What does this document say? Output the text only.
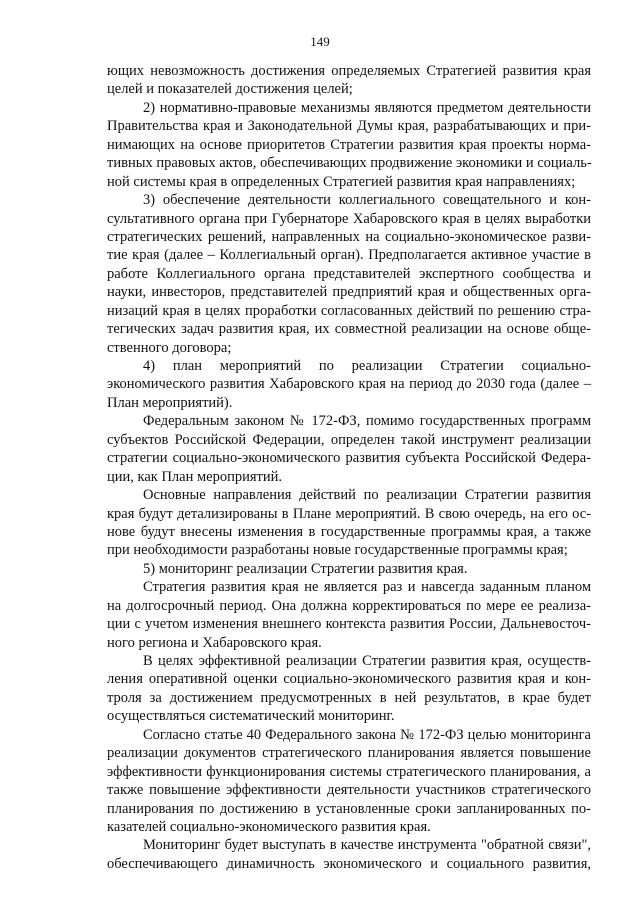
149
ющих невозможность достижения определяемых Стратегией развития края
целей и показателей достижения целей;
2) нормативно-правовые механизмы являются предметом деятельности
Правительства края и Законодательной Думы края, разрабатывающих и при-
нимающих на основе приоритетов Стратегии развития края проекты норма-
тивных правовых актов, обеспечивающих продвижение экономики и социаль-
ной системы края в определенных Стратегией развития края направлениях;
3) обеспечение деятельности коллегиального совещательного и кон-
сультативного органа при Губернаторе Хабаровского края в целях выработки
стратегических решений, направленных на социально-экономическое разви-
тие края (далее – Коллегиальный орган). Предполагается активное участие в
работе Коллегиального органа представителей экспертного сообщества и
науки, инвесторов, представителей предприятий края и общественных орга-
низаций края в целях проработки согласованных действий по решению стра-
тегических задач развития края, их совместной реализации на основе обще-
ственного договора;
4) план мероприятий по реализации Стратегии социально-
экономического развития Хабаровского края на период до 2030 года (далее –
План мероприятий).
Федеральным законом № 172-ФЗ, помимо государственных программ
субъектов Российской Федерации, определен такой инструмент реализации
стратегии социально-экономического развития субъекта Российской Федера-
ции, как План мероприятий.
Основные направления действий по реализации Стратегии развития
края будут детализированы в Плане мероприятий. В свою очередь, на его ос-
нове будут внесены изменения в государственные программы края, а также
при необходимости разработаны новые государственные программы края;
5) мониторинг реализации Стратегии развития края.
Стратегия развития края не является раз и навсегда заданным планом
на долгосрочный период. Она должна корректироваться по мере ее реализа-
ции с учетом изменения внешнего контекста развития России, Дальневосточ-
ного региона и Хабаровского края.
В целях эффективной реализации Стратегии развития края, осуществ-
ления оперативной оценки социально-экономического развития края и кон-
троля за достижением предусмотренных в ней результатов, в крае будет
осуществляться систематический мониторинг.
Согласно статье 40 Федерального закона № 172-ФЗ целью мониторинга
реализации документов стратегического планирования является повышение
эффективности функционирования системы стратегического планирования, а
также повышение эффективности деятельности участников стратегического
планирования по достижению в установленные сроки запланированных по-
казателей социально-экономического развития края.
Мониторинг будет выступать в качестве инструмента "обратной связи",
обеспечивающего динамичность экономического и социального развития,
